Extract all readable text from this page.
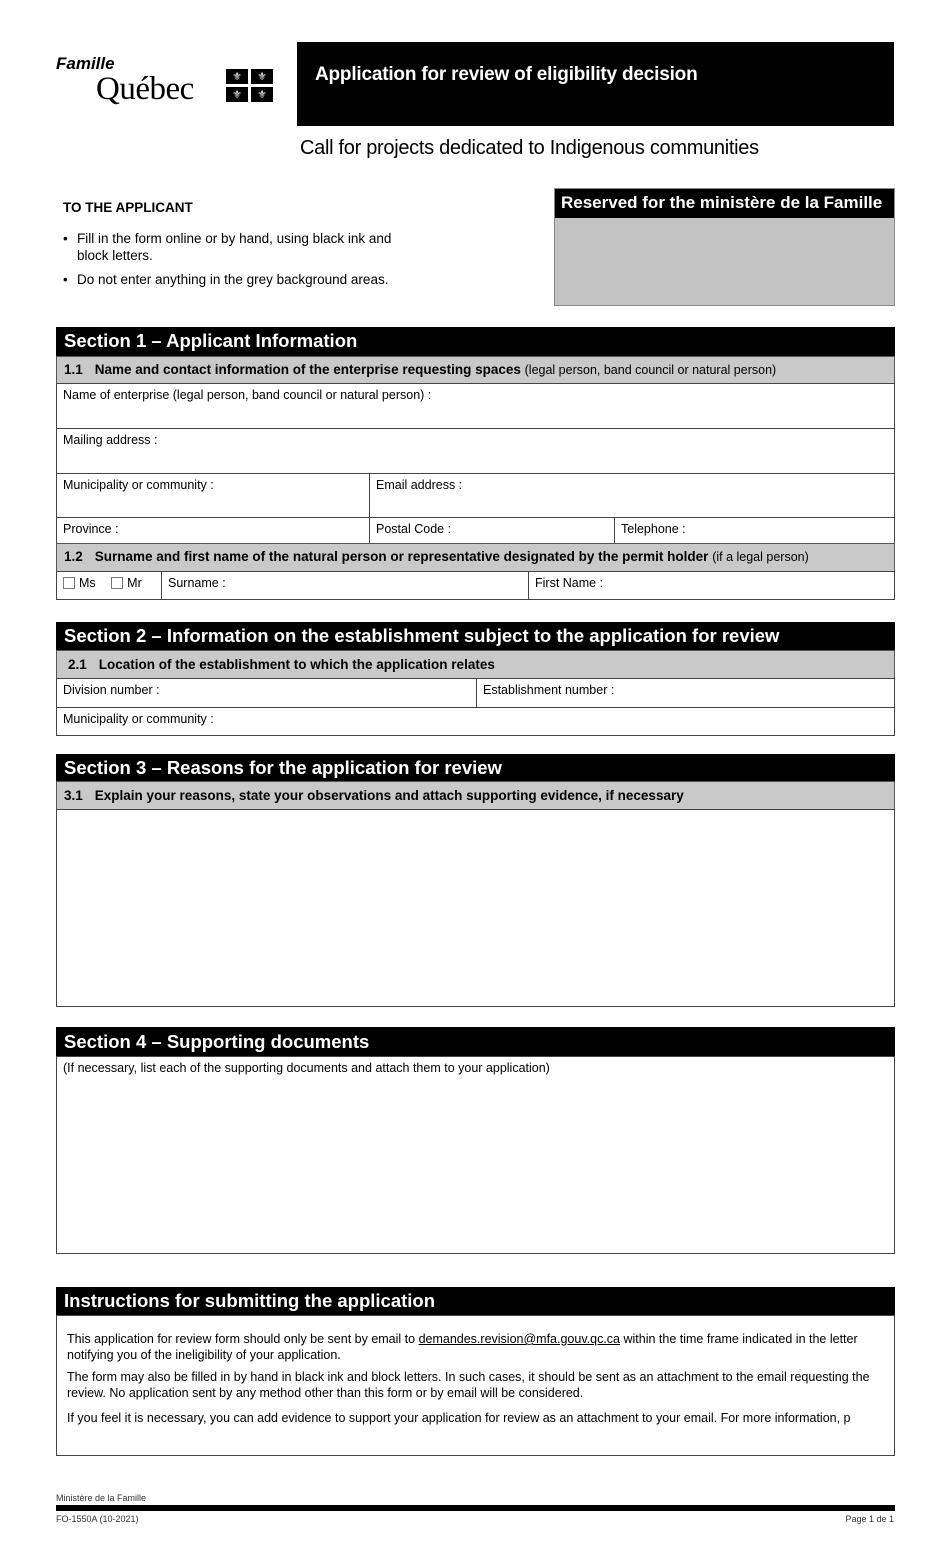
Famille
Québec	⚜	⚜
⚜	⚜
Application for review of eligibility decision
Call for projects dedicated to Indigenous communities
TO THE APPLICANT
• Fill in the form online or by hand, using black ink and block letters.
• Do not enter anything in the grey background areas.
Reserved for the ministère de la Famille
Section 1 – Applicant Information
1.1 Name and contact information of the enterprise requesting spaces (legal person, band council or natural person)
Name of enterprise (legal person, band council or natural person) :
Mailing address :
Municipality or community :	Email address :
Province :	Postal Code :	Telephone :
1.2 Surname and first name of the natural person or representative designated by the permit holder (if a legal person)
Ms	Mr	Surname :	First Name :
Section 2 – Information on the establishment subject to the application for review
2.1 Location of the establishment to which the application relates
Division number :	Establishment number :
Municipality or community :
Section 3 – Reasons for the application for review
3.1 Explain your reasons, state your observations and attach supporting evidence, if necessary
Section 4 – Supporting documents
(If necessary, list each of the supporting documents and attach them to your application)
Instructions for submitting the application
This application for review form should only be sent by email to demandes.revision@mfa.gouv.qc.ca within the time frame indicated in the letter notifying you of the ineligibility of your application.
The form may also be filled in by hand in black ink and block letters. In such cases, it should be sent as an attachment to the email requesting the review. No application sent by any method other than this form or by email will be considered.
If you feel it is necessary, you can add evidence to support your application for review as an attachment to your email. For more information, p
Ministère de la Famille
FO-1550A (10-2021)	Page 1 de 1
